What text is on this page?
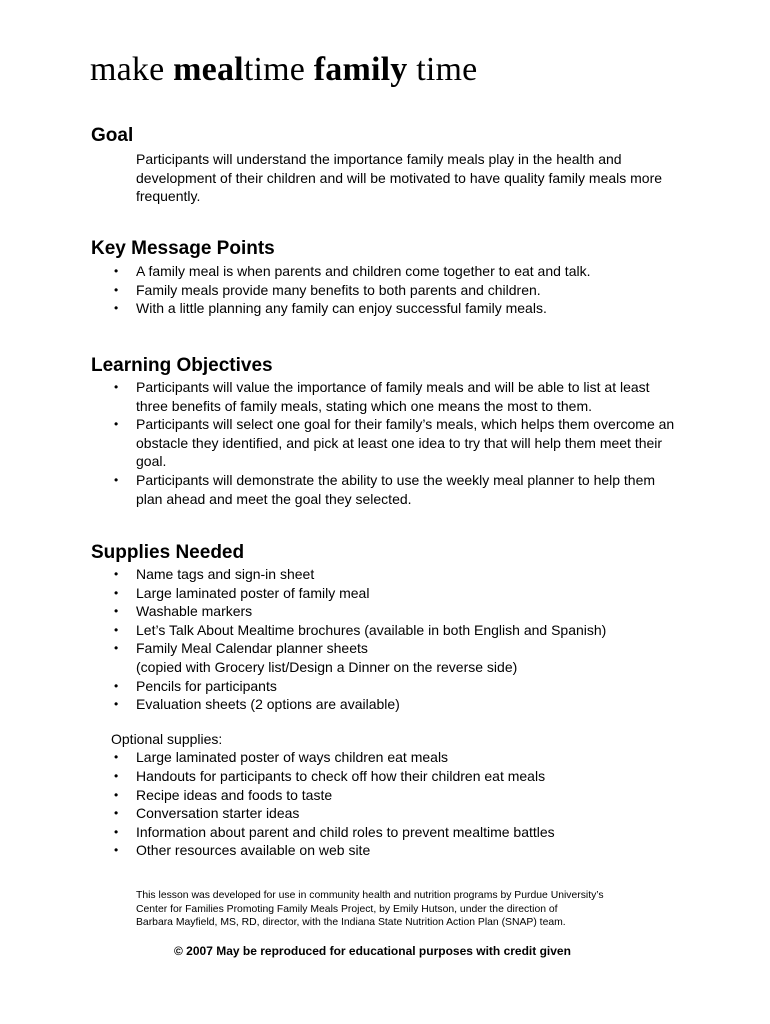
make mealtime family time
Goal

Participants will understand the importance family meals play in the health and development of their children and will be motivated to have quality family meals more frequently.

Key Message Points
• A family meal is when parents and children come together to eat and talk.
• Family meals provide many benefits to both parents and children.
• With a little planning any family can enjoy successful family meals.
Learning Objectives
• Participants will value the importance of family meals and will be able to list at least three benefits of family meals, stating which one means the most to them.
• Participants will select one goal for their family’s meals, which helps them overcome an obstacle they identified, and pick at least one idea to try that will help them meet their goal.
• Participants will demonstrate the ability to use the weekly meal planner to help them plan ahead and meet the goal they selected.
Supplies Needed
• Name tags and sign-in sheet
• Large laminated poster of family meal
• Washable markers
• Let’s Talk About Mealtime brochures (available in both English and Spanish)
• Family Meal Calendar planner sheets
(copied with Grocery list/Design a Dinner on the reverse side)
• Pencils for participants
• Evaluation sheets (2 options are available)

Optional supplies:

• Large laminated poster of ways children eat meals
• Handouts for participants to check off how their children eat meals
• Recipe ideas and foods to taste
• Conversation starter ideas
• Information about parent and child roles to prevent mealtime battles
• Other resources available on web site
This lesson was developed for use in community health and nutrition programs by Purdue University’s
Center for Families Promoting Family Meals Project, by Emily Hutson, under the direction of
Barbara Mayfield, MS, RD, director, with the Indiana State Nutrition Action Plan (SNAP) team.
© 2007 May be reproduced for educational purposes with credit given
